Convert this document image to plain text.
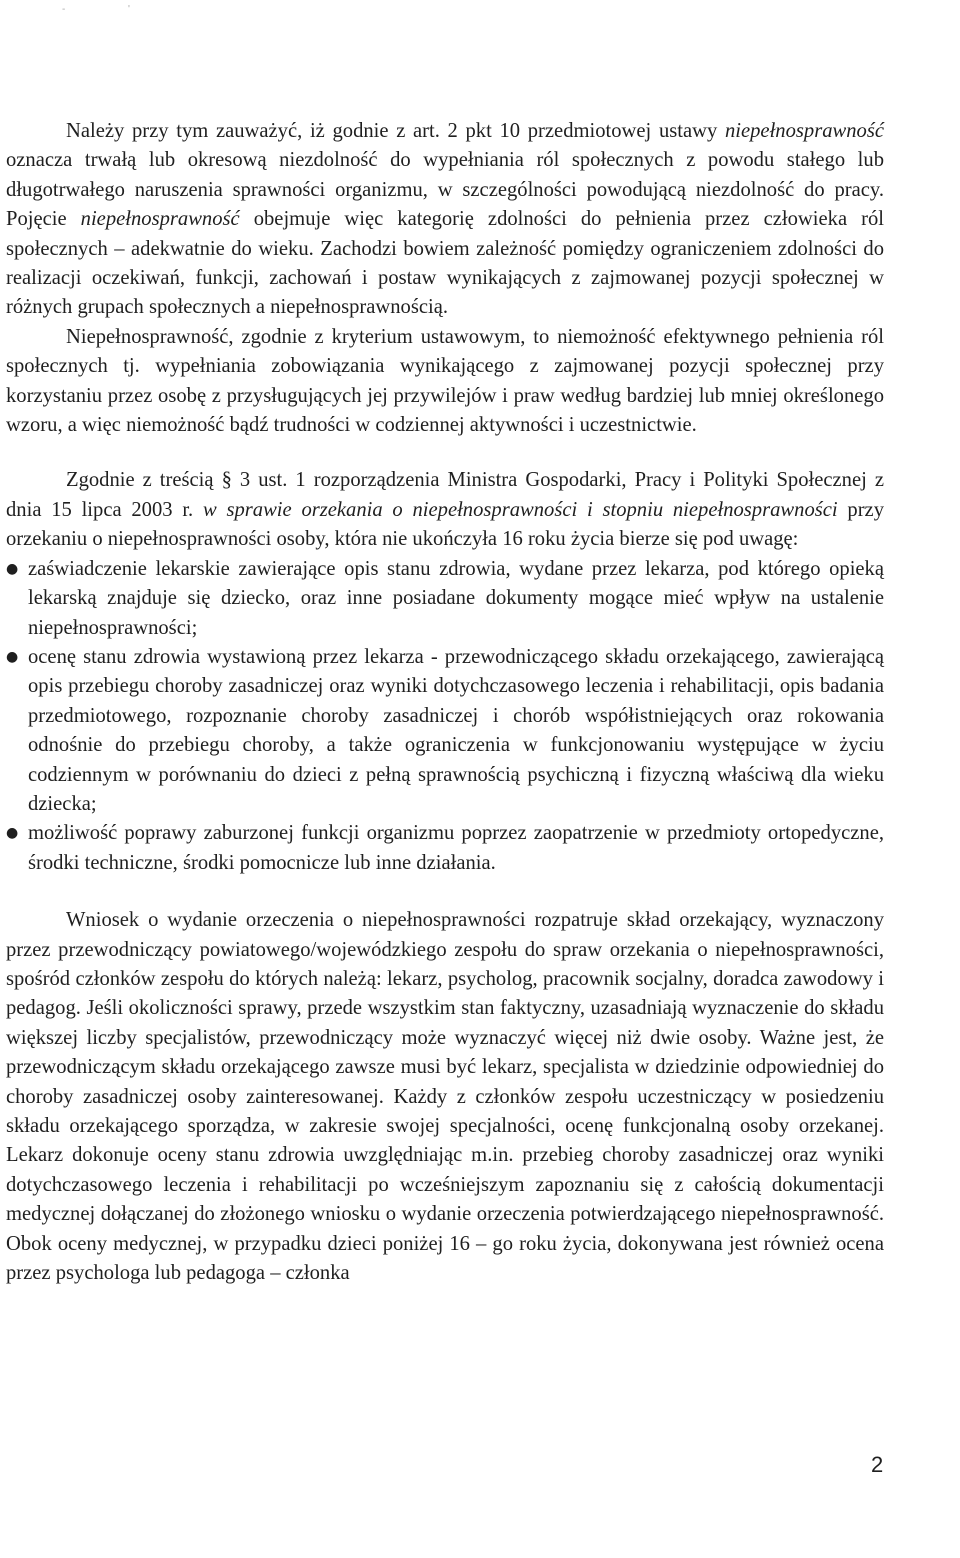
-	'

Należy przy tym zauważyć, iż godnie z art. 2 pkt 10 przedmiotowej ustawy niepełnosprawność oznacza trwałą lub okresową niezdolność do wypełniania ról społecznych z powodu stałego lub długotrwałego naruszenia sprawności organizmu, w szczególności powodującą niezdolność do pracy. Pojęcie niepełnosprawność obejmuje więc kategorię zdolności do pełnienia przez człowieka ról społecznych – adekwatnie do wieku. Zachodzi bowiem zależność pomiędzy ograniczeniem zdolności do realizacji oczekiwań, funkcji, zachowań i postaw wynikających z zajmowanej pozycji społecznej w różnych grupach społecznych a niepełnosprawnością.

Niepełnosprawność, zgodnie z kryterium ustawowym, to niemożność efektywnego pełnienia ról społecznych tj. wypełniania zobowiązania wynikającego z zajmowanej pozycji społecznej przy korzystaniu przez osobę z przysługujących jej przywilejów i praw według bardziej lub mniej określonego wzoru, a więc niemożność bądź trudności w codziennej aktywności i uczestnictwie.

Zgodnie z treścią § 3 ust. 1 rozporządzenia Ministra Gospodarki, Pracy i Polityki Społecznej z dnia 15 lipca 2003 r. w sprawie orzekania o niepełnosprawności i stopniu niepełnosprawności przy orzekaniu o niepełnosprawności osoby, która nie ukończyła 16 roku życia bierze się pod uwagę:

● zaświadczenie lekarskie zawierające opis stanu zdrowia, wydane przez lekarza, pod którego opieką lekarską znajduje się dziecko, oraz inne posiadane dokumenty mogące mieć wpływ na ustalenie niepełnosprawności;
● ocenę stanu zdrowia wystawioną przez lekarza - przewodniczącego składu orzekającego, zawierającą opis przebiegu choroby zasadniczej oraz wyniki dotychczasowego leczenia i rehabilitacji, opis badania przedmiotowego, rozpoznanie choroby zasadniczej i chorób współistniejących oraz rokowania odnośnie do przebiegu choroby, a także ograniczenia w funkcjonowaniu występujące w życiu codziennym w porównaniu do dzieci z pełną sprawnością psychiczną i fizyczną właściwą dla wieku dziecka;
● możliwość poprawy zaburzonej funkcji organizmu poprzez zaopatrzenie w przedmioty ortopedyczne, środki techniczne, środki pomocnicze lub inne działania.

Wniosek o wydanie orzeczenia o niepełnosprawności rozpatruje skład orzekający, wyznaczony przez przewodniczący powiatowego/wojewódzkiego zespołu do spraw orzekania o niepełnosprawności, spośród członków zespołu do których należą: lekarz, psycholog, pracownik socjalny, doradca zawodowy i pedagog. Jeśli okoliczności sprawy, przede wszystkim stan faktyczny, uzasadniają wyznaczenie do składu większej liczby specjalistów, przewodniczący może wyznaczyć więcej niż dwie osoby. Ważne jest, że przewodniczącym składu orzekającego zawsze musi być lekarz, specjalista w dziedzinie odpowiedniej do choroby zasadniczej osoby zainteresowanej. Każdy z członków zespołu uczestniczący w posiedzeniu składu orzekającego sporządza, w zakresie swojej specjalności, ocenę funkcjonalną osoby orzekanej. Lekarz dokonuje oceny stanu zdrowia uwzględniając m.in. przebieg choroby zasadniczej oraz wyniki dotychczasowego leczenia i rehabilitacji po wcześniejszym zapoznaniu się z całością dokumentacji medycznej dołączanej do złożonego wniosku o wydanie orzeczenia potwierdzającego niepełnosprawność. Obok oceny medycznej, w przypadku dzieci poniżej 16 – go roku życia, dokonywana jest również ocena przez psychologa lub pedagoga – członka

2
